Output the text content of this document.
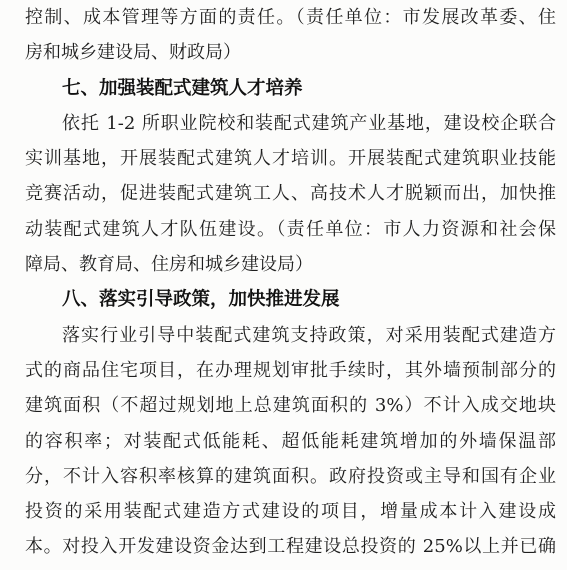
控制、成本管理等方面的责任。（责任单位：市发展改革委、住
房和城乡建设局、财政局）
七、加强装配式建筑人才培养
依托 1-2 所职业院校和装配式建筑产业基地，建设校企联合
实训基地，开展装配式建筑人才培训。开展装配式建筑职业技能
竞赛活动，促进装配式建筑工人、高技术人才脱颖而出，加快推
动装配式建筑人才队伍建设。（责任单位：市人力资源和社会保
障局、教育局、住房和城乡建设局）
八、落实引导政策，加快推进发展
落实行业引导中装配式建筑支持政策，对采用装配式建造方
式的商品住宅项目，在办理规划审批手续时，其外墙预制部分的
建筑面积（不超过规划地上总建筑面积的 3%）不计入成交地块
的容积率；对装配式低能耗、超低能耗建筑增加的外墙保温部
分，不计入容积率核算的建筑面积。政府投资或主导和国有企业
投资的采用装配式建造方式建设的项目，增量成本计入建设成
本。对投入开发建设资金达到工程建设总投资的 25%以上并已确
